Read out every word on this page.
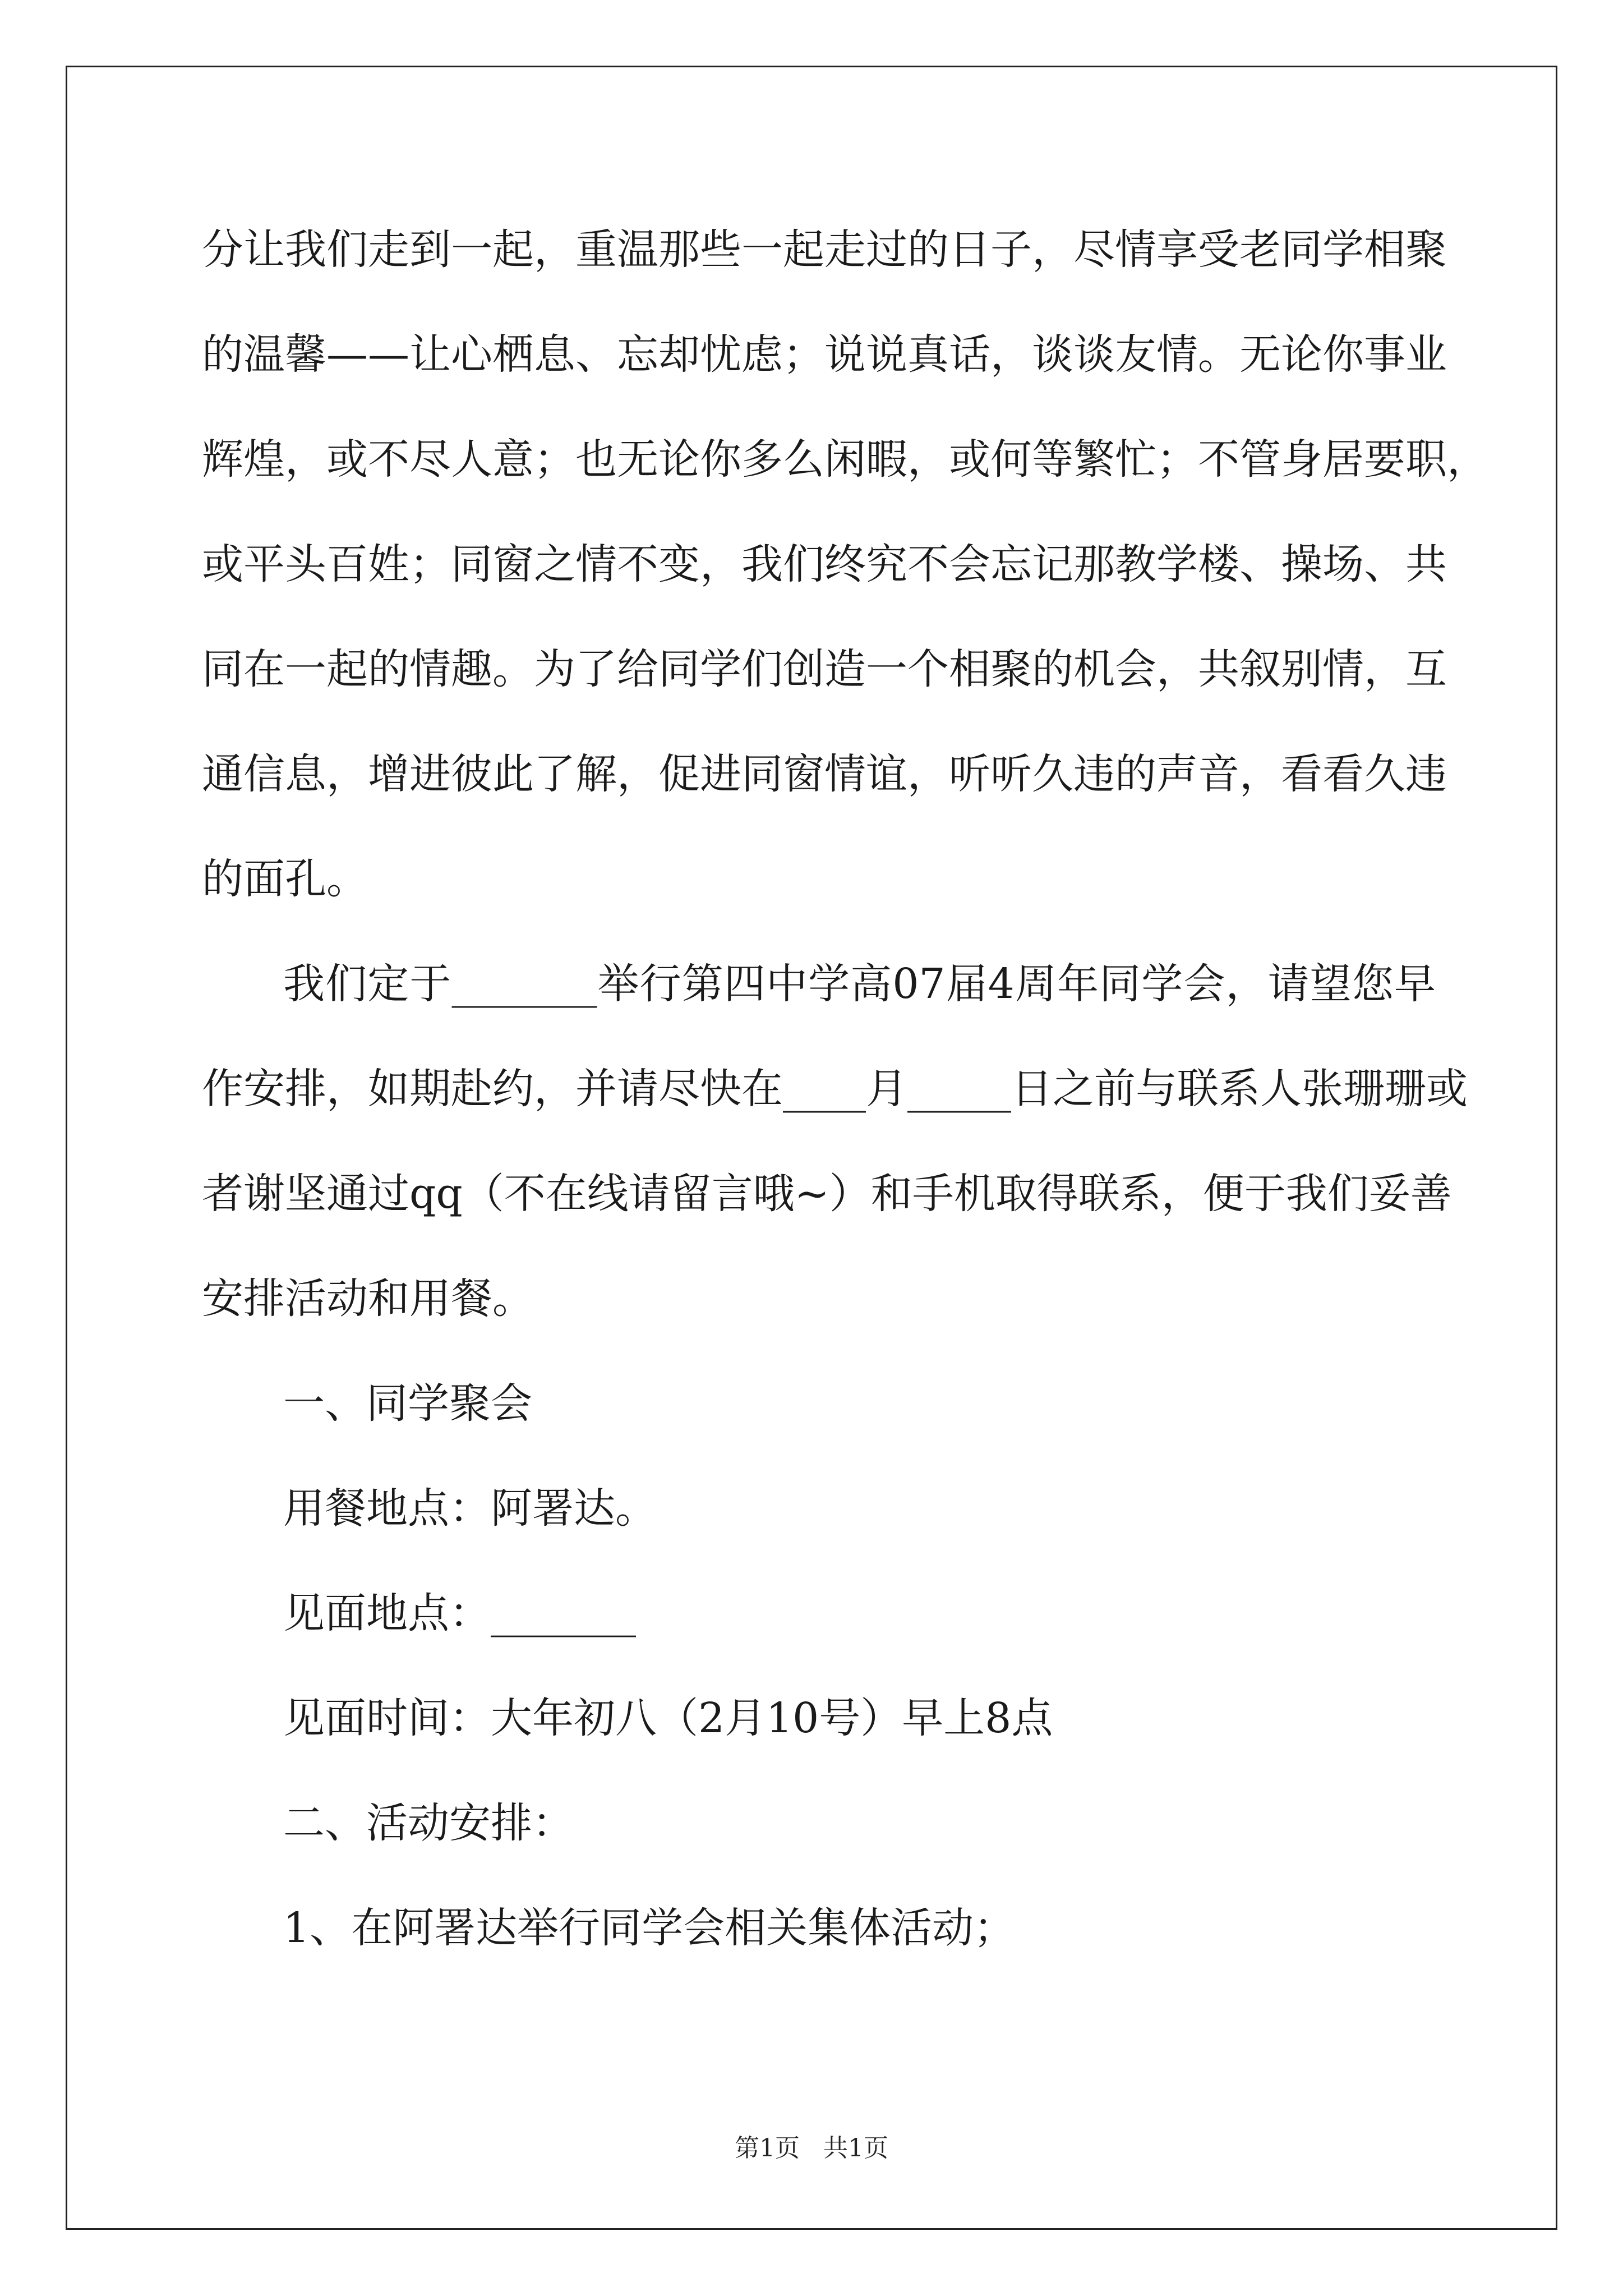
分让我们走到一起，重温那些一起走过的日子，尽情享受老同学相聚
的温馨——让心栖息、忘却忧虑；说说真话，谈谈友情。无论你事业
辉煌，或不尽人意；也无论你多么闲暇，或何等繁忙；不管身居要职，
或平头百姓；同窗之情不变，我们终究不会忘记那教学楼、操场、共
同在一起的情趣。为了给同学们创造一个相聚的机会，共叙别情，互
通信息，增进彼此了解，促进同窗情谊，听听久违的声音，看看久违
的面孔。
我们定于_______举行第四中学高07届4周年同学会，请望您早
作安排，如期赴约，并请尽快在____月_____日之前与联系人张珊珊或
者谢坚通过qq（不在线请留言哦~）和手机取得联系，便于我们妥善
安排活动和用餐。
一、同学聚会
用餐地点：阿署达。
见面地点：_______
见面时间：大年初八（2月10号）早上8点
二、活动安排：
1、在阿署达举行同学会相关集体活动；
第1页 共1页
